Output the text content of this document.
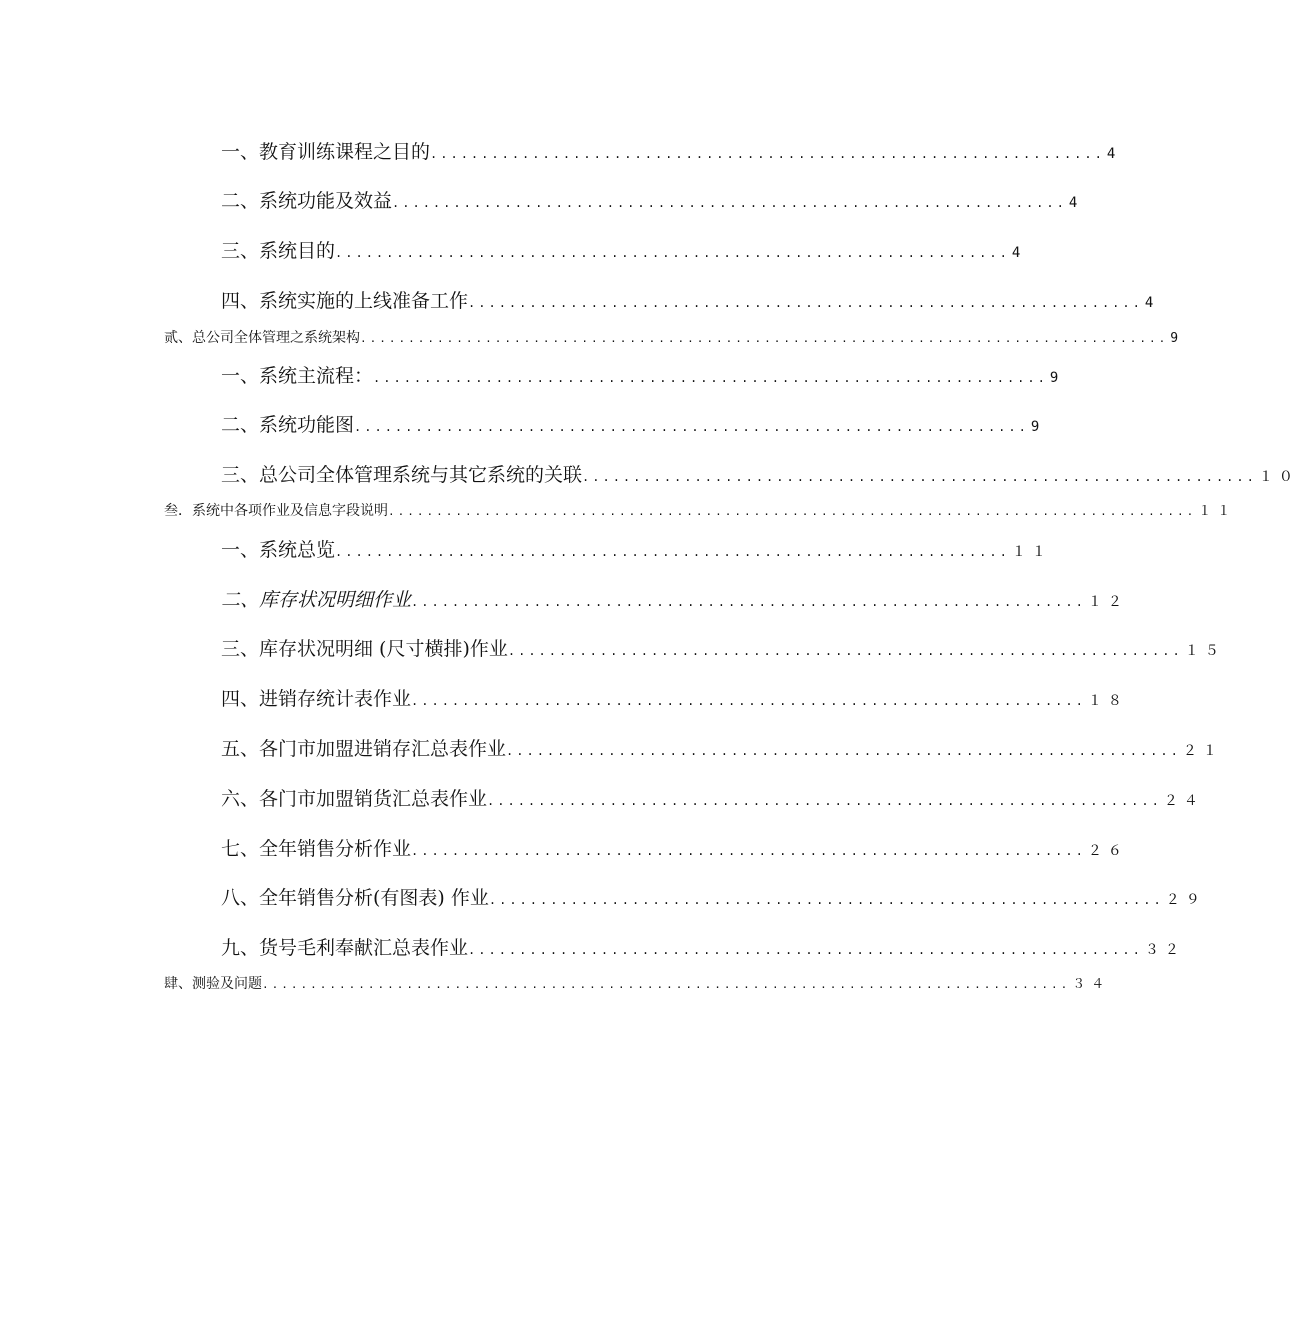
一、教育训练课程之目的 .................................................................. 4
二、系统功能及效益 .................................................................. 4
三、系统目的 .................................................................. 4
四、系统实施的上线准备工作 .................................................................. 4
贰、总公司全体管理之系统架构 .................................................................................... 9
一、系统主流程： .................................................................. 9
二、系统功能图 .................................................................. 9
三、总公司全体管理系统与其它系统的关联 .................................................................. １０
叁．系统中各项作业及信息字段说明 .................................................................................... １１
一、系统总览 .................................................................. １１
二、库存状况明细作业 .................................................................. １２
三、库存状况明细 (尺寸横排)作业 .................................................................. １５
四、进销存统计表作业 .................................................................. １８
五、各门市加盟进销存汇总表作业 .................................................................. ２１
六、各门市加盟销货汇总表作业 .................................................................. ２４
七、全年销售分析作业 .................................................................. ２６
八、全年销售分析(有图表) 作业 .................................................................. ２９
九、货号毛利奉献汇总表作业 .................................................................. ３２
肆、测验及问题 .................................................................................... ３４
